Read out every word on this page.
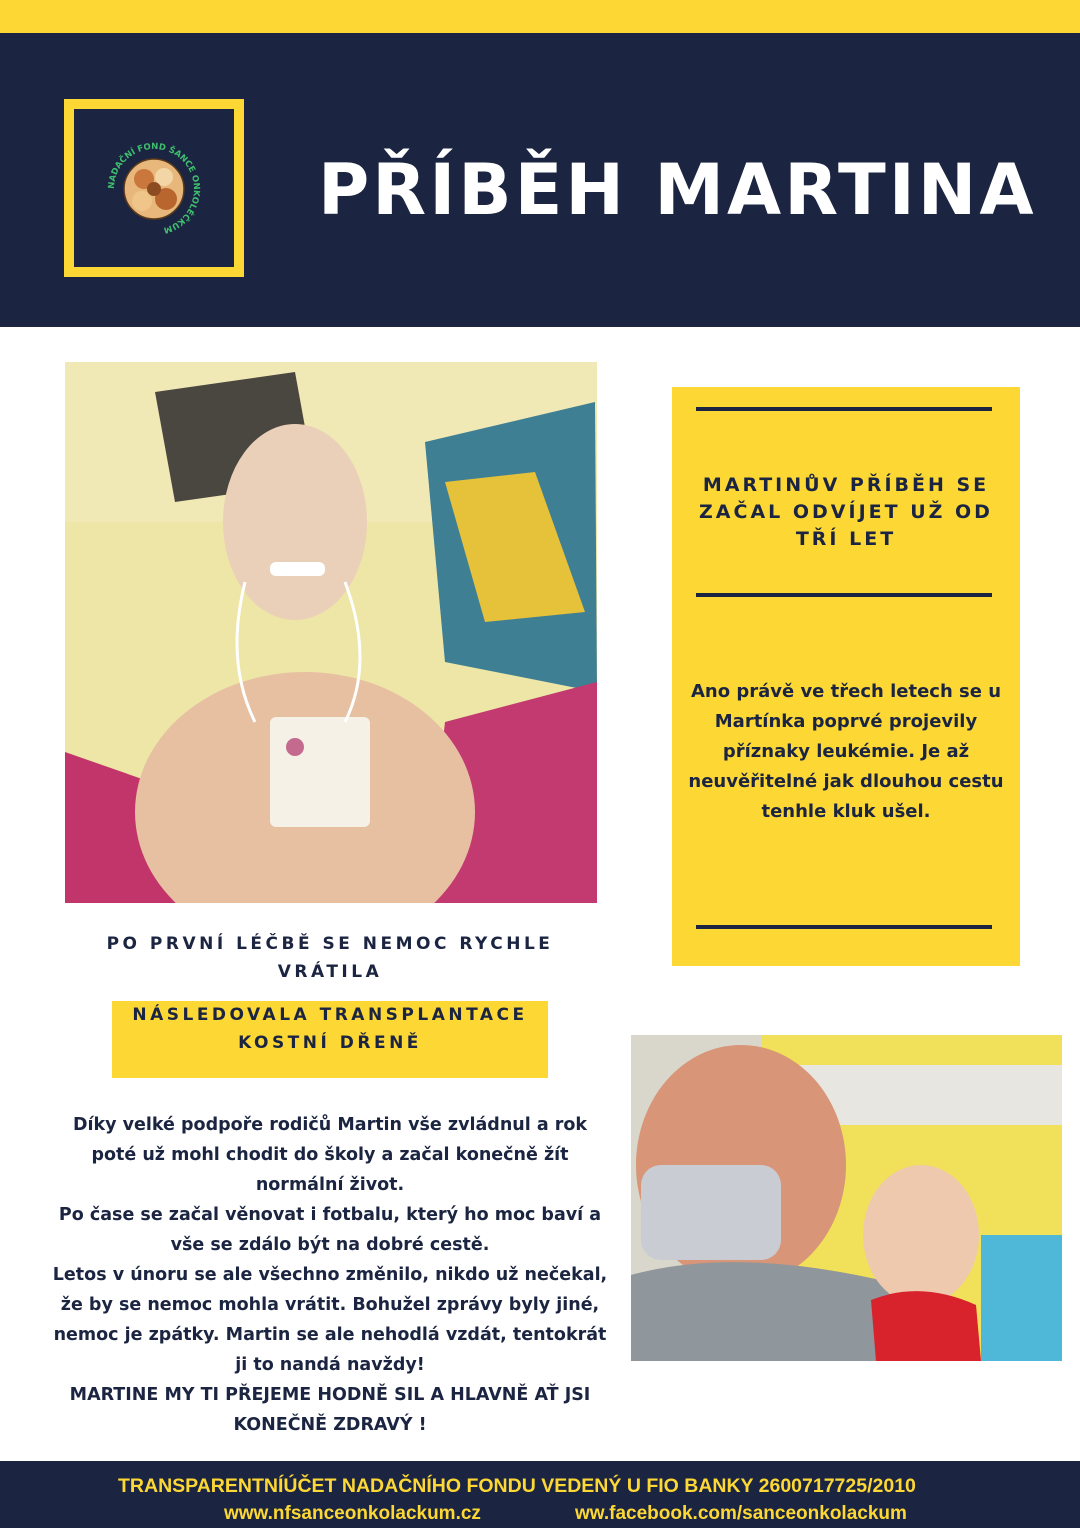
NADAČNÍ FOND ŠANCE ONKOLÉČKUM	PŘÍBĚH MARTINA

MARTINŮV PŘÍBĚH SE ZAČAL ODVÍJET UŽ OD TŘÍ LET

Ano právě ve třech letech se u Martínka poprvé projevily příznaky leukémie. Je až neuvěřitelné jak dlouhou cestu tenhle kluk ušel.

PO PRVNÍ LÉČBĚ SE NEMOC RYCHLE VRÁTILA

NÁSLEDOVALA TRANSPLANTACE KOSTNÍ DŘENĚ

Díky velké podpoře rodičů Martin vše zvládnul a rok poté už mohl chodit do školy a začal konečně žít normální život.
Po čase se začal věnovat i fotbalu, který ho moc baví a vše se zdálo být na dobré cestě.
Letos v únoru se ale všechno změnilo, nikdo už nečekal, že by se nemoc mohla vrátit. Bohužel zprávy byly jiné, nemoc je zpátky. Martin se ale nehodlá vzdát, tentokrát ji to nandá navždy!
MARTINE MY TI PŘEJEME HODNĚ SIL A HLAVNĚ AŤ JSI KONEČNĚ ZDRAVÝ !

TRANSPARENTNÍÚČET NADAČNÍHO FONDU VEDENÝ U FIO BANKY 2600717725/2010

www.nfsanceonkolackum.cz	ww.facebook.com/sanceonkolackum
